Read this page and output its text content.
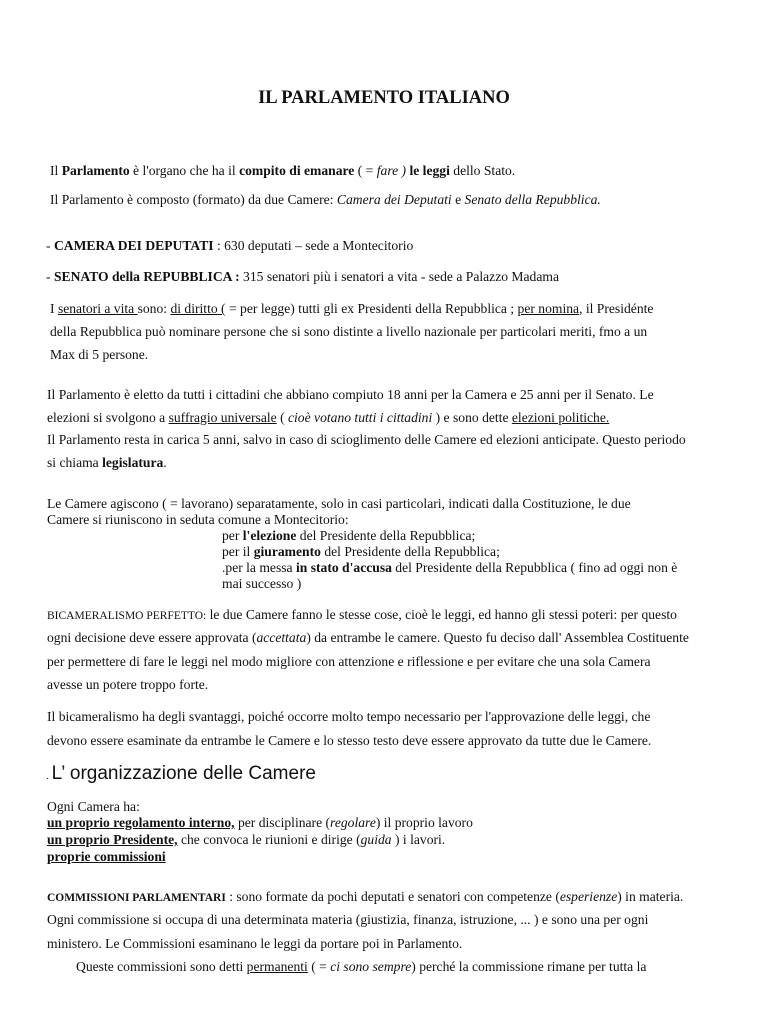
IL PARLAMENTO ITALIANO
Il Parlamento è l'organo che ha il compito di emanare ( = fare ) le leggi dello Stato.
Il Parlamento è composto (formato) da due Camere: Camera dei Deputati e Senato della Repubblica.
- CAMERA DEI DEPUTATI : 630 deputati – sede a Montecitorio
- SENATO della REPUBBLICA : 315 senatori più i senatori a vita - sede a Palazzo Madama
I senatori a vita sono: di diritto ( = per legge) tutti gli ex Presidenti della Repubblica ; per nomina, il Presidénte
della Repubblica può nominare persone che si sono distinte a livello nazionale per particolari meriti, fmo a un
Max di 5 persone.
Il Parlamento è eletto da tutti i cittadini che abbiano compiuto 18 anni per la Camera e 25 anni per il Senato. Le
elezioni si svolgono a suffragio universale ( cioè votano tutti i cittadini ) e sono dette elezioni politiche.
Il Parlamento resta in carica 5 anni, salvo in caso di scioglimento delle Camere ed elezioni anticipate. Questo periodo
si chiama legislatura.
Le Camere agiscono ( = lavorano) separatamente, solo in casi particolari, indicati dalla Costituzione, le due
Camere si riuniscono in seduta comune a Montecitorio:
per l'elezione del Presidente della Repubblica;
per il giuramento del Presidente della Repubblica;
.per la messa in stato d'accusa del Presidente della Repubblica ( fino ad oggi non è
mai successo )
BICAMERALISMO PERFETTO: le due Camere fanno le stesse cose, cioè le leggi, ed hanno gli stessi poteri: per questo
ogni decisione deve essere approvata (accettata) da entrambe le camere. Questo fu deciso dall' Assemblea Costituente
per permettere di fare le leggi nel modo migliore con attenzione e riflessione e per evitare che una sola Camera
avesse un potere troppo forte.
Il bicameralismo ha degli svantaggi, poiché occorre molto tempo necessario per l'approvazione delle leggi, che
devono essere esaminate da entrambe le Camere e lo stesso testo deve essere approvato da tutte due le Camere.
. L’ organizzazione delle Camere
Ogni Camera ha:
un proprio regolamento interno, per disciplinare (regolare) il proprio lavoro
un proprio Presidente, che convoca le riunioni e dirige (guida ) i lavori.
proprie commissioni
COMMISSIONI PARLAMENTARI : sono formate da pochi deputati e senatori con competenze (esperienze) in materia.
Ogni commissione si occupa di una determinata materia (giustizia, finanza, istruzione, ... ) e sono una per ogni
ministero. Le Commissioni esaminano le leggi da portare poi in Parlamento.
Queste commissioni sono detti permanenti ( = ci sono sempre) perché la commissione rimane per tutta la
